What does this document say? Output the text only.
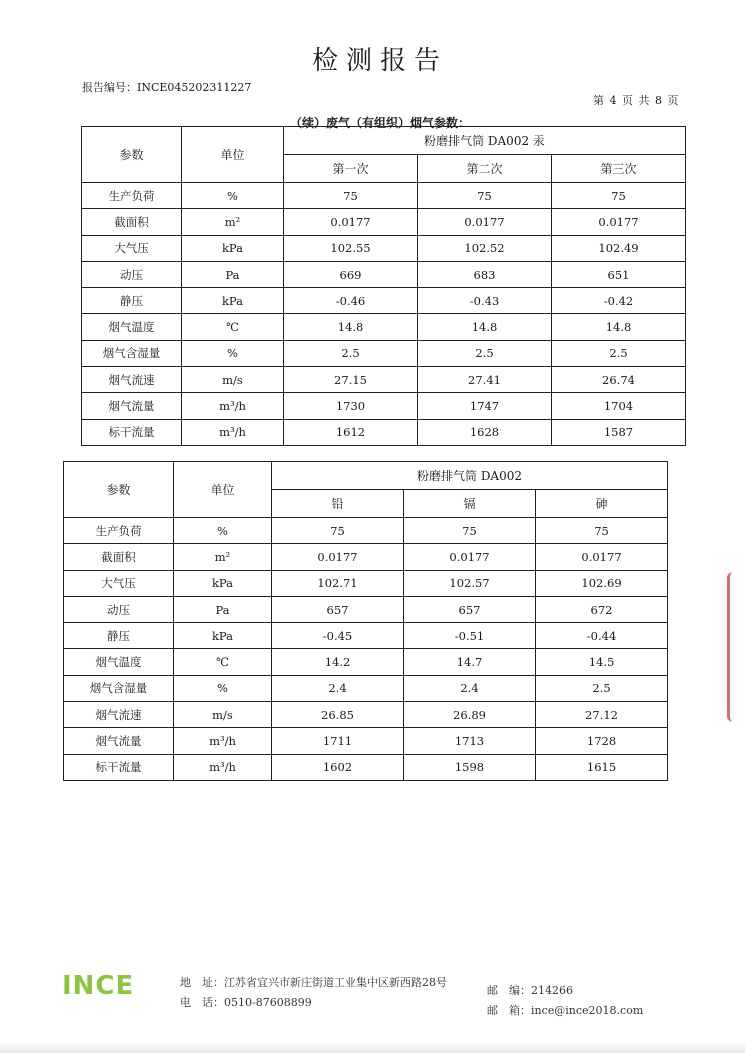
检测报告
报告编号：INCE045202311227
第 4 页 共 8 页
（续）废气（有组织）烟气参数：
参数	单位	粉磨排气筒 DA002 汞		
		第一次	第二次	第三次
生产负荷	%	75	75	75
截面积	m²	0.0177	0.0177	0.0177
大气压	kPa	102.55	102.52	102.49
动压	Pa	669	683	651
静压	kPa	-0.46	-0.43	-0.42
烟气温度	℃	14.8	14.8	14.8
烟气含湿量	%	2.5	2.5	2.5
烟气流速	m/s	27.15	27.41	26.74
烟气流量	m³/h	1730	1747	1704
标干流量	m³/h	1612	1628	1587
参数	单位	粉磨排气筒 DA002		
		铅	镉	砷
生产负荷	%	75	75	75
截面积	m²	0.0177	0.0177	0.0177
大气压	kPa	102.71	102.57	102.69
动压	Pa	657	657	672
静压	kPa	-0.45	-0.51	-0.44
烟气温度	℃	14.2	14.7	14.5
烟气含湿量	%	2.4	2.4	2.5
烟气流速	m/s	26.85	26.89	27.12
烟气流量	m³/h	1711	1713	1728
标干流量	m³/h	1602	1598	1615
INCE	地　址：江苏省宜兴市新庄街道工业集中区新西路28号
电　话：0510-87608899
邮　编：214266
邮　箱：ince@ince2018.com
